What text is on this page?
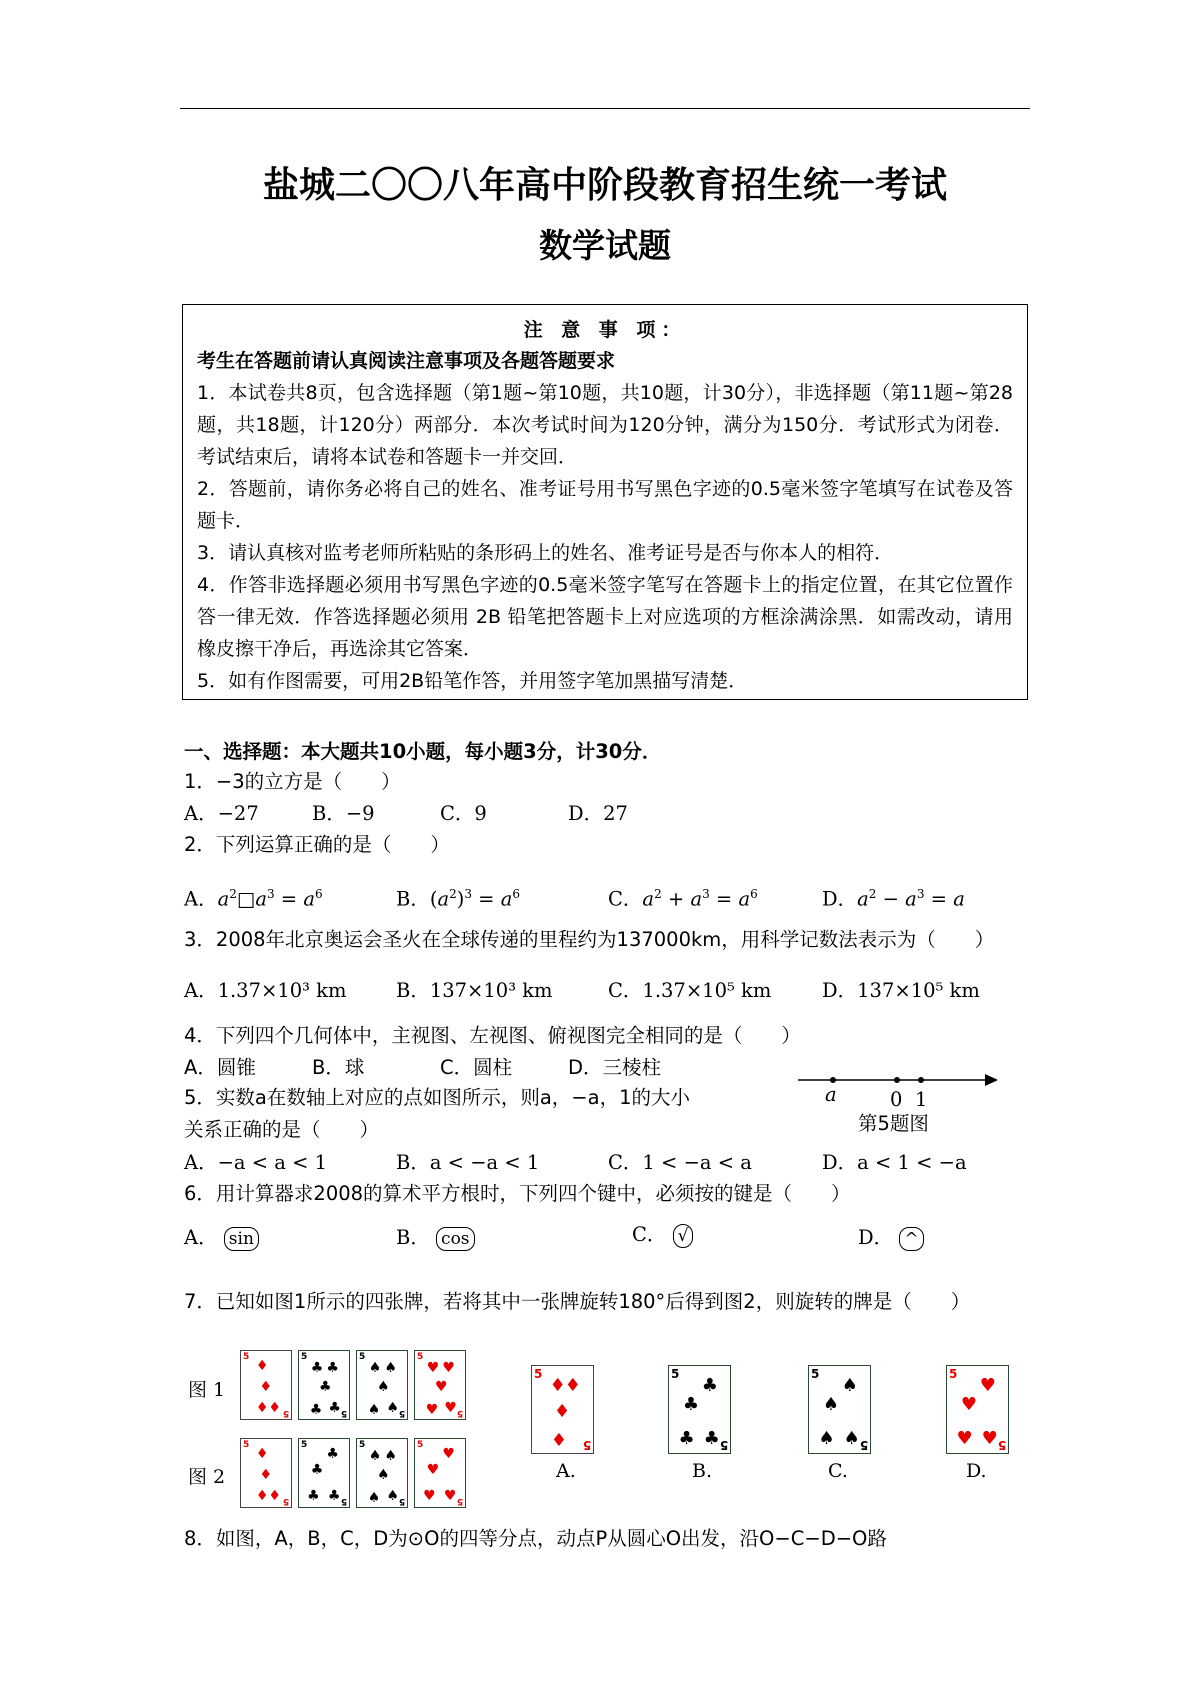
盐城二〇〇八年高中阶段教育招生统一考试
数学试题
注 意 事 项：
考生在答题前请认真阅读注意事项及各题答题要求

1．本试卷共8页，包含选择题（第1题~第10题，共10题，计30分），非选择题（第11题~第28题，共18题，计120分）两部分．本次考试时间为120分钟，满分为150分．考试形式为闭卷．考试结束后，请将本试卷和答题卡一并交回．

2．答题前，请你务必将自己的姓名、准考证号用书写黑色字迹的0.5毫米签字笔填写在试卷及答题卡．

3．请认真核对监考老师所粘贴的条形码上的姓名、准考证号是否与你本人的相符．

4．作答非选择题必须用书写黑色字迹的0.5毫米签字笔写在答题卡上的指定位置，在其它位置作答一律无效．作答选择题必须用 2B 铅笔把答题卡上对应选项的方框涂满涂黑．如需改动，请用橡皮擦干净后，再选涂其它答案．

5．如有作图需要，可用2B铅笔作答，并用签字笔加黑描写清楚．

一、选择题：本大题共10小题，每小题3分，计30分．
1．−3的立方是（　　）
A．−27	B．−9	C．9	D．27
2．下列运算正确的是（　　）
A．$a^2□a^3 = a^6$	B．$(a^2)^3 = a^6$	C．$a^2 + a^3 = a^6$	D．$a^2 - a^3 = a$
3．2008年北京奥运会圣火在全球传递的里程约为137000km，用科学记数法表示为（　　）
A．1.37×10³ km	B．137×10³ km	C．1.37×10⁵ km	D．137×10⁵ km
4．下列四个几何体中，主视图、左视图、俯视图完全相同的是（　　）
A．圆锥	B．球	C．圆柱	D．三棱柱
a	0 1
第5题图
5．实数a在数轴上对应的点如图所示，则a，−a，1的大小
关系正确的是（　　）
A．−a < a < 1	B．a < −a < 1	C．1 < −a < a	D．a < 1 < −a
6．用计算器求2008的算术平方根时，下列四个键中，必须按的键是（　　）
A． sin	B． cos	C． √	D． ^
7．已知如图1所示的四张牌，若将其中一张牌旋转180°后得到图2，则旋转的牌是（　　）
图 1
图 2
♦
♦
♦ ♦
5
5
♣ ♣
♣
♣ ♣
5
5
♠ ♠
♠
♠ ♠
5
5
♥ ♥
♥
♥ ♥
5
5
♦
♦
♦ ♦
5
5
♣
♣
♣ ♣
5
5
♠ ♠
♠
♠ ♠
5
5
♥
♥
♥ ♥
5
5
♦
♦
♦
♦
5
5
♣
♣
♣ ♣
5
5
♠
♠
♠ ♠
5
5
♥
♥
♥ ♥
5
5
A.	B.	C.	D.
8．如图，A，B，C，D为⊙O的四等分点，动点P从圆心O出发，沿O−C−D−O路
